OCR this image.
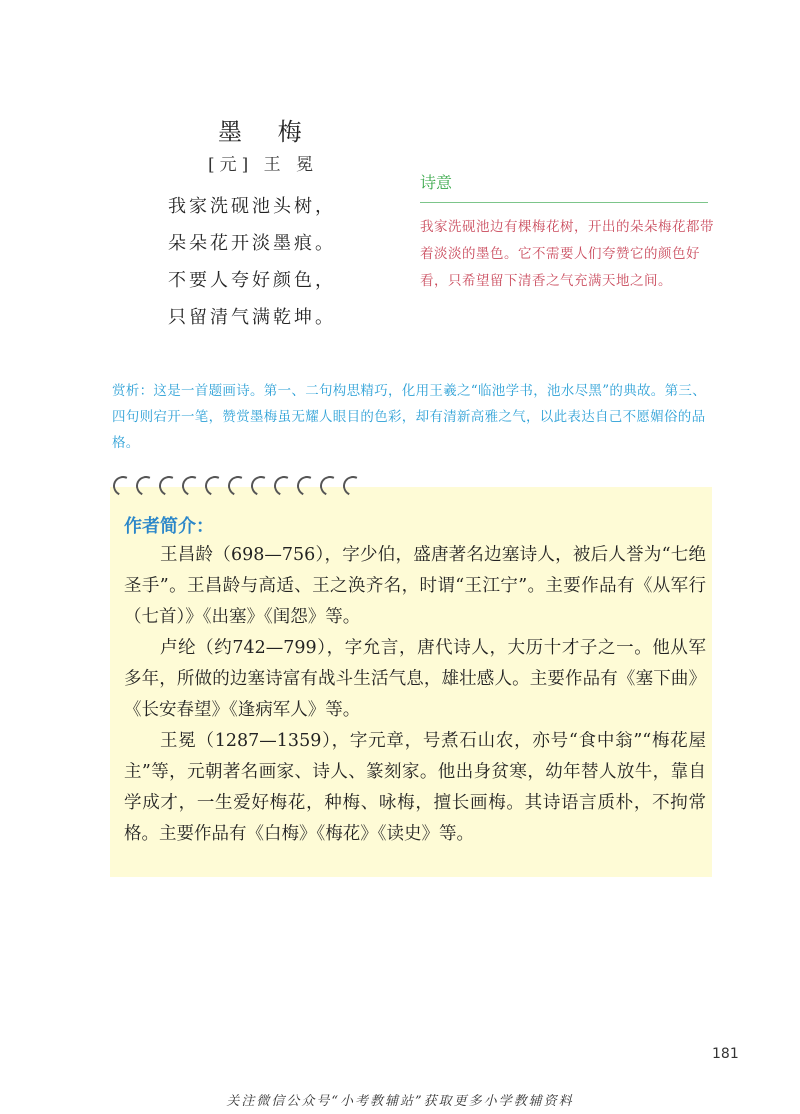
墨 梅
[元] 王 冕
我家洗砚池头树，
朵朵花开淡墨痕。
不要人夸好颜色，
只留清气满乾坤。
诗意
我家洗砚池边有棵梅花树，开出的朵朵梅花都带着淡淡的墨色。它不需要人们夸赞它的颜色好看，只希望留下清香之气充满天地之间。
赏析：这是一首题画诗。第一、二句构思精巧，化用王羲之“临池学书，池水尽黑”的典故。第三、四句则宕开一笔，赞赏墨梅虽无耀人眼目的色彩，却有清新高雅之气，以此表达自己不愿媚俗的品格。
作者简介：

王昌龄（698—756），字少伯，盛唐著名边塞诗人，被后人誉为“七绝圣手”。王昌龄与高适、王之涣齐名，时谓“王江宁”。主要作品有《从军行（七首）》《出塞》《闺怨》等。

卢纶（约742—799），字允言，唐代诗人，大历十才子之一。他从军多年，所做的边塞诗富有战斗生活气息，雄壮感人。主要作品有《塞下曲》《长安春望》《逢病军人》等。

王冕（1287—1359），字元章，号煮石山农，亦号“食中翁”“梅花屋主”等，元朝著名画家、诗人、篆刻家。他出身贫寒，幼年替人放牛，靠自学成才，一生爱好梅花，种梅、咏梅，擅长画梅。其诗语言质朴，不拘常格。主要作品有《白梅》《梅花》《读史》等。

181
关注微信公众号“小考教辅站”获取更多小学教辅资料
